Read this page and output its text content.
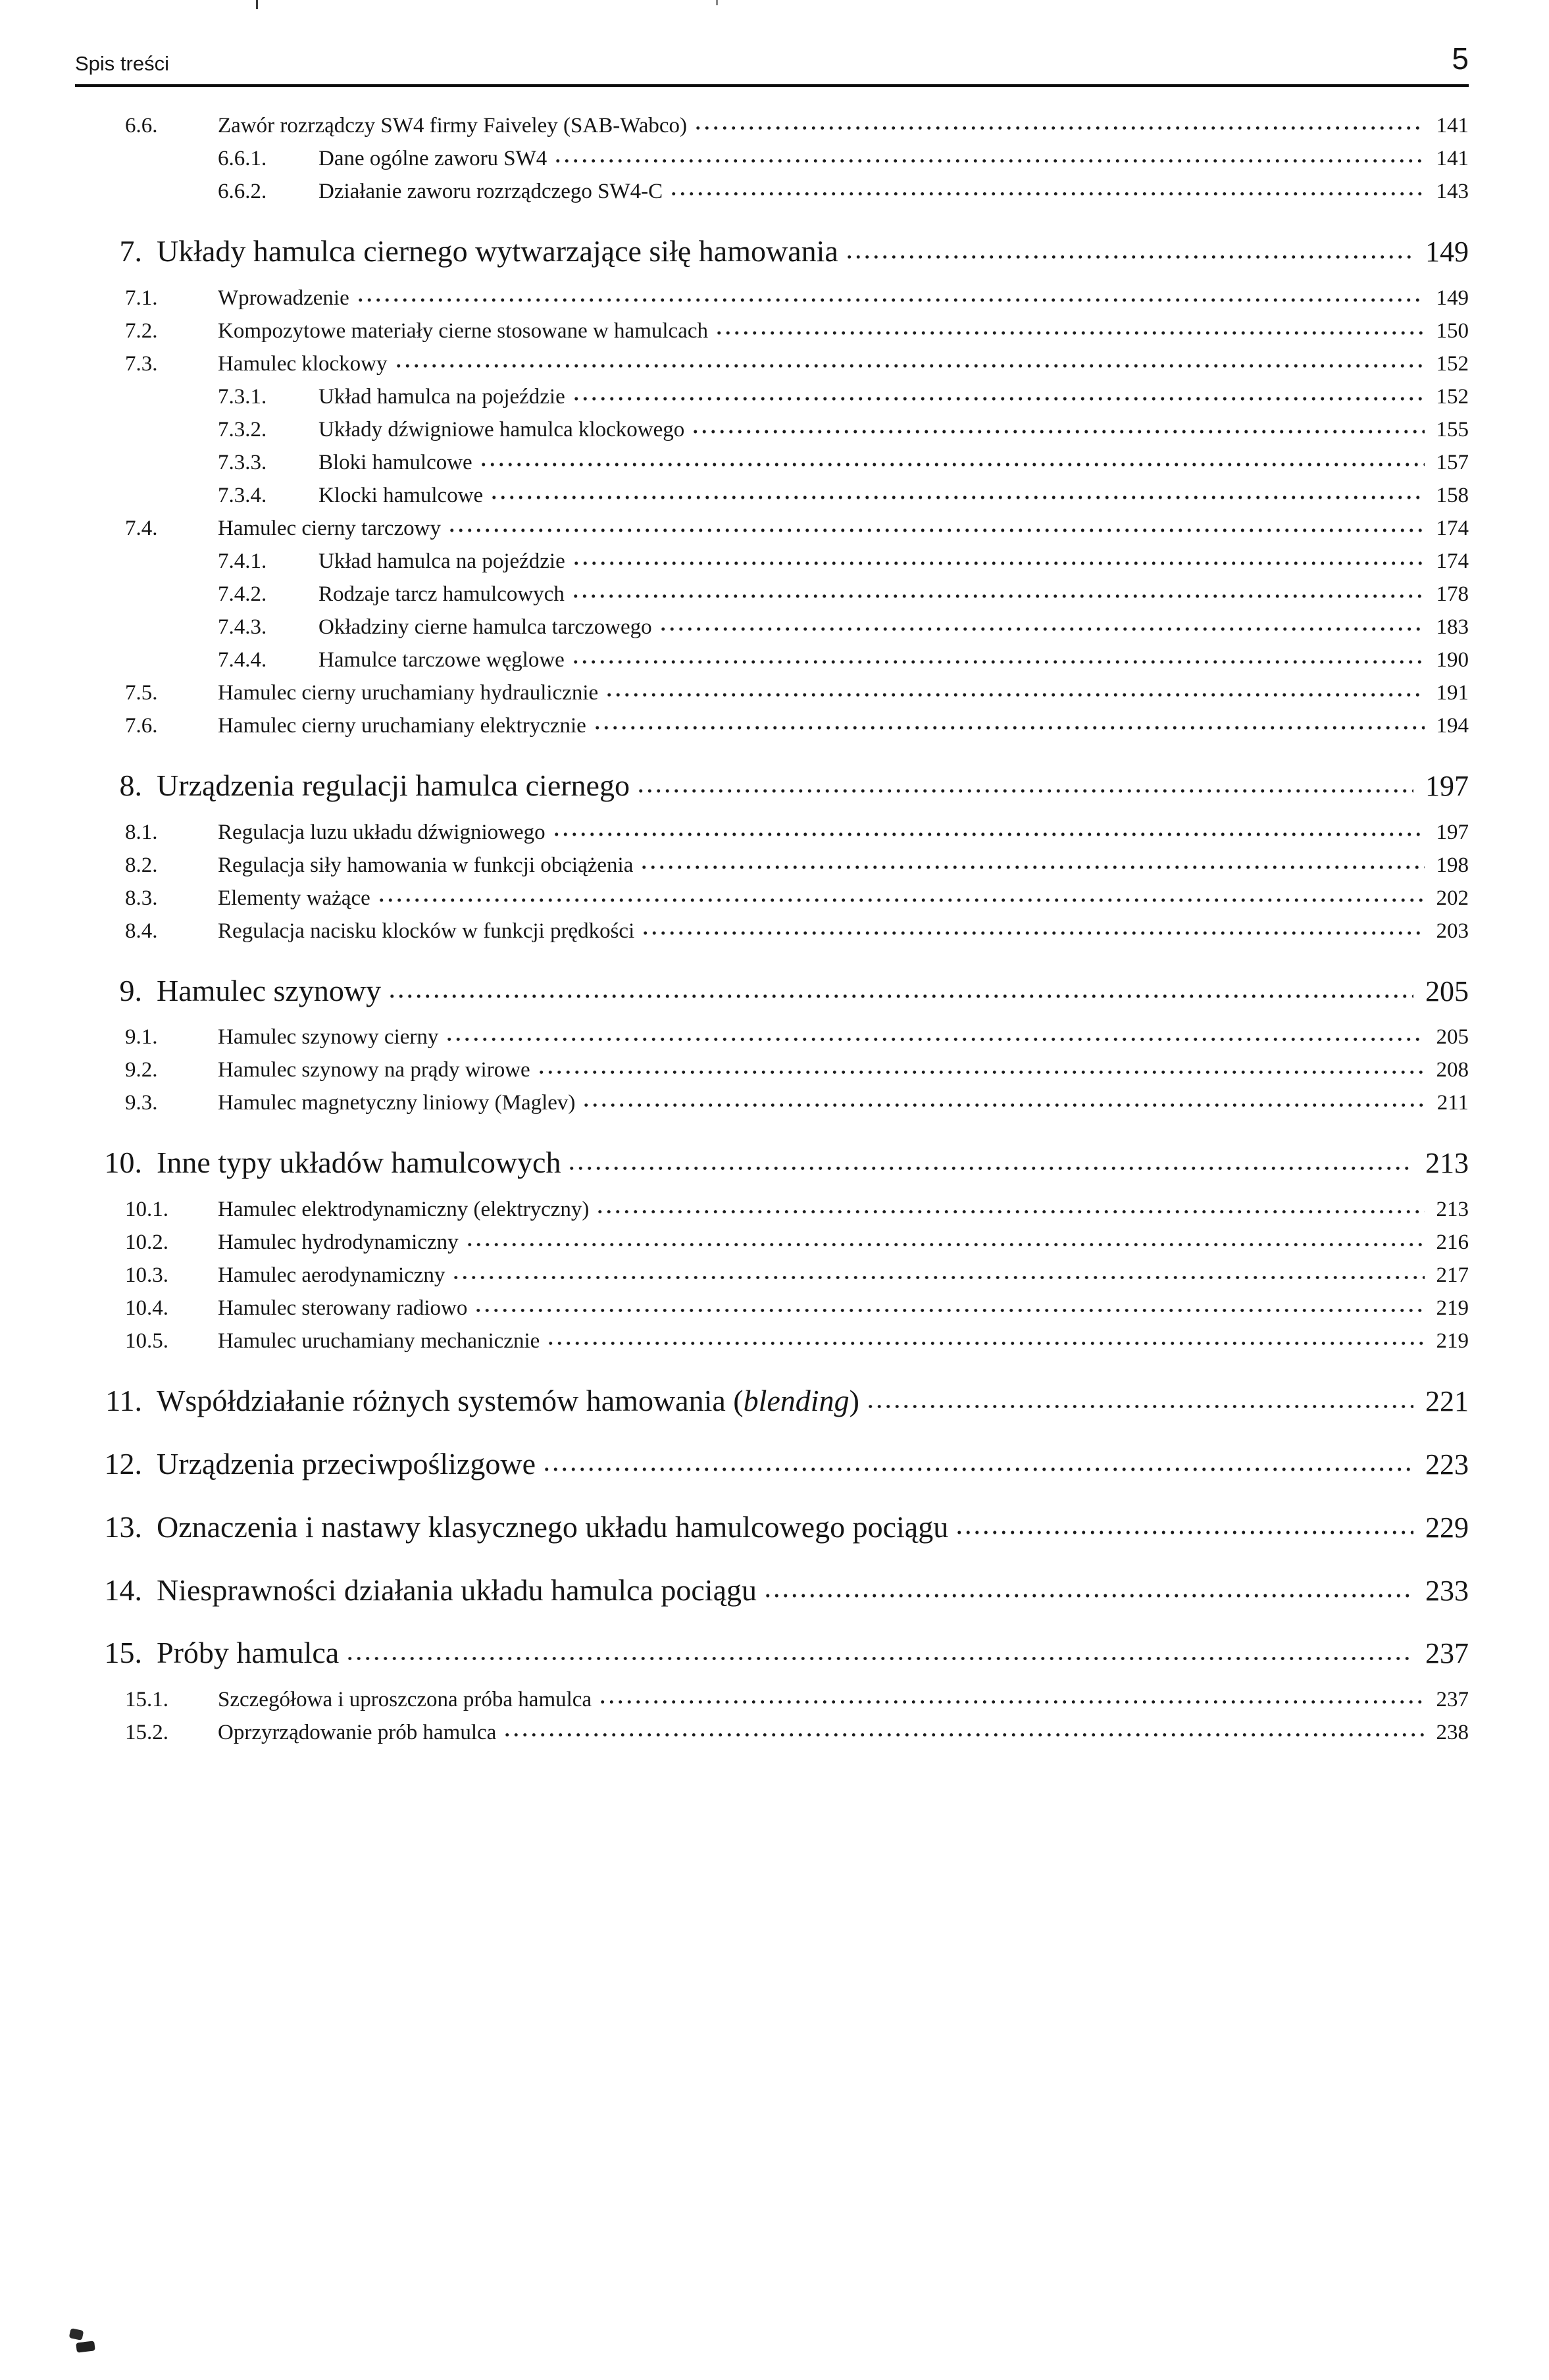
Spis treści	5
6.6.	Zawór rozrządczy SW4 firmy Faiveley (SAB-Wabco)	141
6.6.1.	Dane ogólne zaworu SW4	141
6.6.2.	Działanie zaworu rozrządczego SW4-C	143
7. Układy hamulca ciernego wytwarzające siłę hamowania	149
7.1.	Wprowadzenie	149
7.2.	Kompozytowe materiały cierne stosowane w hamulcach	150
7.3.	Hamulec klockowy	152
7.3.1.	Układ hamulca na pojeździe	152
7.3.2.	Układy dźwigniowe hamulca klockowego	155
7.3.3.	Bloki hamulcowe	157
7.3.4.	Klocki hamulcowe	158
7.4.	Hamulec cierny tarczowy	174
7.4.1.	Układ hamulca na pojeździe	174
7.4.2.	Rodzaje tarcz hamulcowych	178
7.4.3.	Okładziny cierne hamulca tarczowego	183
7.4.4.	Hamulce tarczowe węglowe	190
7.5.	Hamulec cierny uruchamiany hydraulicznie	191
7.6.	Hamulec cierny uruchamiany elektrycznie	194
8. Urządzenia regulacji hamulca ciernego	197
8.1.	Regulacja luzu układu dźwigniowego	197
8.2.	Regulacja siły hamowania w funkcji obciążenia	198
8.3.	Elementy ważące	202
8.4.	Regulacja nacisku klocków w funkcji prędkości	203
9. Hamulec szynowy	205
9.1.	Hamulec szynowy cierny	205
9.2.	Hamulec szynowy na prądy wirowe	208
9.3.	Hamulec magnetyczny liniowy (Maglev)	211
10. Inne typy układów hamulcowych	213
10.1.	Hamulec elektrodynamiczny (elektryczny)	213
10.2.	Hamulec hydrodynamiczny	216
10.3.	Hamulec aerodynamiczny	217
10.4.	Hamulec sterowany radiowo	219
10.5.	Hamulec uruchamiany mechanicznie	219
11. Współdziałanie różnych systemów hamowania (blending)	221
12. Urządzenia przeciwpoślizgowe	223
13. Oznaczenia i nastawy klasycznego układu hamulcowego pociągu	229
14. Niesprawności działania układu hamulca pociągu	233
15. Próby hamulca	237
15.1.	Szczegółowa i uproszczona próba hamulca	237
15.2.	Oprzyrządowanie prób hamulca	238
